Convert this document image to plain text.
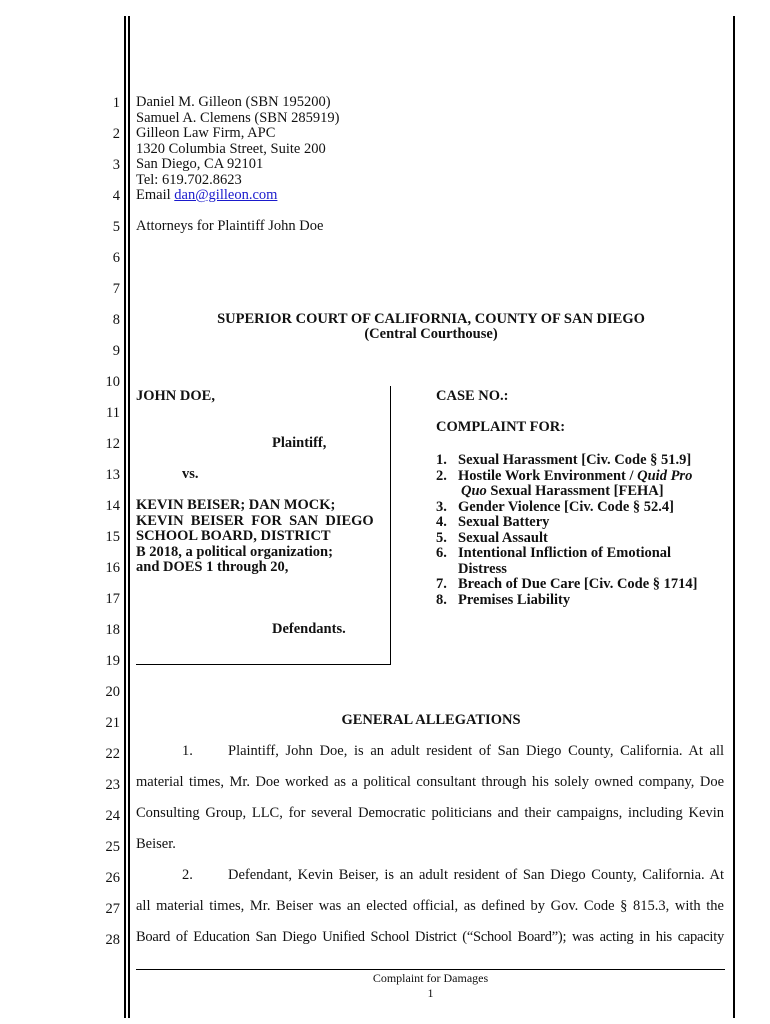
1
2
3
4
5
6
7
8
9
10
11
12
13
14
15
16
17
18
19
20
21
22
23
24
25
26
27
28
Daniel M. Gilleon (SBN 195200)
Samuel A. Clemens (SBN 285919)
Gilleon Law Firm, APC
1320 Columbia Street, Suite 200
San Diego, CA 92101
Tel: 619.702.8623
Email dan@gilleon.com
Attorneys for Plaintiff John Doe
SUPERIOR COURT OF CALIFORNIA, COUNTY OF SAN DIEGO
(Central Courthouse)
JOHN DOE,
Plaintiff,
vs.
KEVIN BEISER; DAN MOCK;
KEVIN  BEISER  FOR  SAN  DIEGO
SCHOOL BOARD, DISTRICT
B 2018, a political organization;
and DOES 1 through 20,
Defendants.
CASE NO.:
COMPLAINT FOR:
1. Sexual Harassment [Civ. Code § 51.9]
2. Hostile Work Environment / Quid Pro
Quo Sexual Harassment [FEHA]
3. Gender Violence [Civ. Code § 52.4]
4. Sexual Battery
5. Sexual Assault
6. Intentional Infliction of Emotional
Distress
7. Breach of Due Care [Civ. Code § 1714]
8. Premises Liability
GENERAL ALLEGATIONS
1. Plaintiff, John Doe, is an adult resident of San Diego County, California. At all
material times, Mr. Doe worked as a political consultant through his solely owned company, Doe
Consulting Group, LLC, for several Democratic politicians and their campaigns, including Kevin
Beiser.
2. Defendant, Kevin Beiser, is an adult resident of San Diego County, California. At
all material times, Mr. Beiser was an elected official, as defined by Gov. Code § 815.3, with the
Board of Education San Diego Unified School District (“School Board”); was acting in his capacity
Complaint for Damages
1
